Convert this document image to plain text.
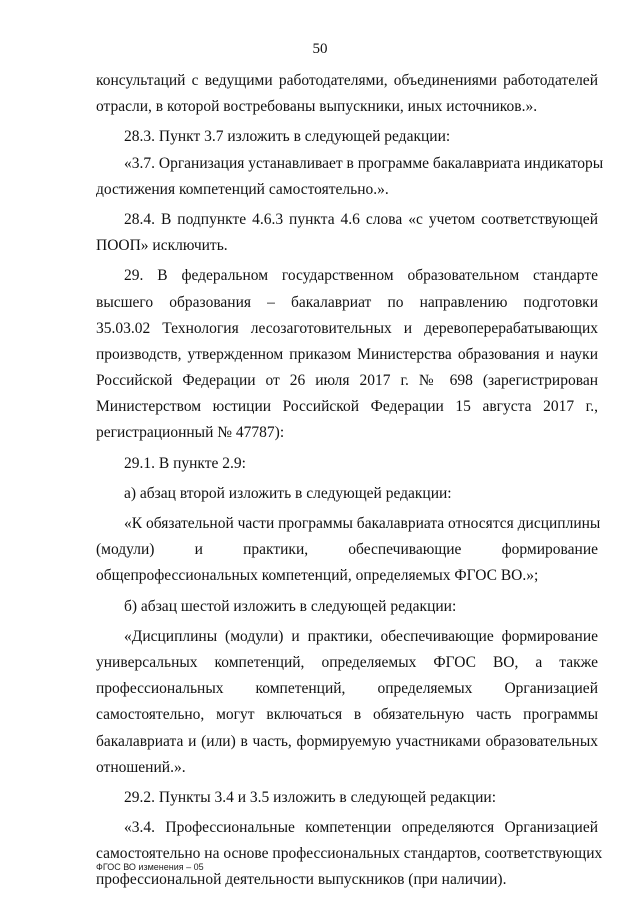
50
консультаций с ведущими работодателями, объединениями работодателей
отрасли, в которой востребованы выпускники, иных источников.».
28.3. Пункт 3.7 изложить в следующей редакции:
«3.7. Организация устанавливает в программе бакалавриата индикаторы
достижения компетенций самостоятельно.».
28.4. В подпункте 4.6.3 пункта 4.6 слова «с учетом соответствующей
ПООП» исключить.
29. В федеральном государственном образовательном стандарте
высшего образования – бакалавриат по направлению подготовки
35.03.02 Технология лесозаготовительных и деревоперерабатывающих
производств, утвержденном приказом Министерства образования и науки
Российской Федерации от 26 июля 2017 г. № 698 (зарегистрирован
Министерством юстиции Российской Федерации 15 августа 2017 г.,
регистрационный № 47787):
29.1. В пункте 2.9:
а) абзац второй изложить в следующей редакции:
«К обязательной части программы бакалавриата относятся дисциплины
(модули) и практики, обеспечивающие формирование
общепрофессиональных компетенций, определяемых ФГОС ВО.»;
б) абзац шестой изложить в следующей редакции:
«Дисциплины (модули) и практики, обеспечивающие формирование
универсальных компетенций, определяемых ФГОС ВО, а также
профессиональных компетенций, определяемых Организацией
самостоятельно, могут включаться в обязательную часть программы
бакалавриата и (или) в часть, формируемую участниками образовательных
отношений.».
29.2. Пункты 3.4 и 3.5 изложить в следующей редакции:
«3.4. Профессиональные компетенции определяются Организацией
самостоятельно на основе профессиональных стандартов, соответствующих
профессиональной деятельности выпускников (при наличии).
ФГОС ВО изменения – 05
